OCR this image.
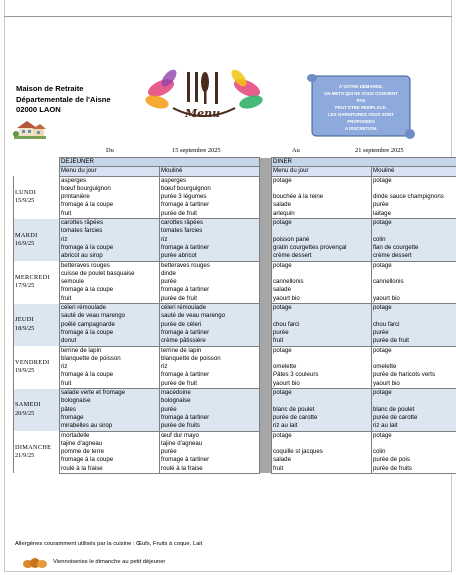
Maison de Retraite
Départementale de l'Aisne
02000 LAON	Menu
A VOTRE DEMANDE,
UN METS QUI NE VOUS CONVIENT
PAS
PEUT ETRE REMPLACE.
LES GARNITURES VOUS SONT
PROPOSEES
A DISCRETION.
Du	15 septembre 2025	Au	21 septembre 2025
	DEJEUNER			DINER	
	Menu du jour	Mouliné		Menu du jour	Mouliné

LUNDI
15/9/25	asperges	asperges		potage	potage
	bœuf bourguignon	bœuf bourguignon			
	printanière	purée 3 légumes		bouchée à la reine	dinde sauce champignons
	fromage à la coupe	fromage à tartiner		salade	purée
	fruit	purée de fruit		arlequin	laitage

MARDI
16/9/25	carottes râpées	carottes râpées		potage	potage
	tomates farcies	tomates farcies			
	riz	riz		poisson pané	colin
	fromage à la coupe	fromage à tartiner		gratin courgettes provençal	flan de courgette
	abricot au sirop	purée abricot		crème dessert	crème dessert

MERCREDI
17/9/25	betteraves rouges	betteraves rouges		potage	potage
	cuisse de poulet basquaise	dinde			
	semoule	purée		cannellonis	cannellonis
	fromage à la coupe	fromage à tartiner		salade	
	fruit	purée de fruit		yaourt bio	yaourt bio

JEUDI
18/9/25	céleri rémoulade	céleri rémoulade		potage	potage
	sauté de veau marengo	sauté de veau marengo			
	poêlé campagnarde	purée de céleri		chou farci	chou farci
	fromage à la coupe	fromage à tartiner		purée	purée
	donut	crème pâtissière		fruit	purée de fruit

VENDREDI
19/9/25	terrine de lapin	terrine de lapin		potage	potage
	blanquette de poisson	blanquette de poisson			
	riz	riz		omelette	omelette
	fromage à la coupe	fromage à tartiner		Pâtes 3 couleurs	purée de haricots verts
	fruit	purée de fruit		yaourt bio	yaourt bio

SAMEDI
20/9/25	salade verte et fromage	macédoine		potage	potage
	bolognaise	bolognaise			
	pâtes	purée		blanc de poulet	blanc de poulet
	fromage	fromage à tartiner		purée de carotte	purée de carotte
	mirabelles au sirop	purée de fruits		riz au lait	riz au lait

DIMANCHE
21/9/25	mortadelle	œuf dur mayo		potage	potage
	tajine d'agneau	tajine d'agneau			
	pomme de terre	purée		coquille st jacques	colin
	fromage à la coupe	fromage à tartiner		salade	purée de pois
	roulé à la fraise	roulé à la fraise		fruit	purée de fruits
Allergènes couramment utilisés par la cuisine : Œufs, Fruits à coque, Lait
Viennoiseries le dimanche au petit déjeuner
